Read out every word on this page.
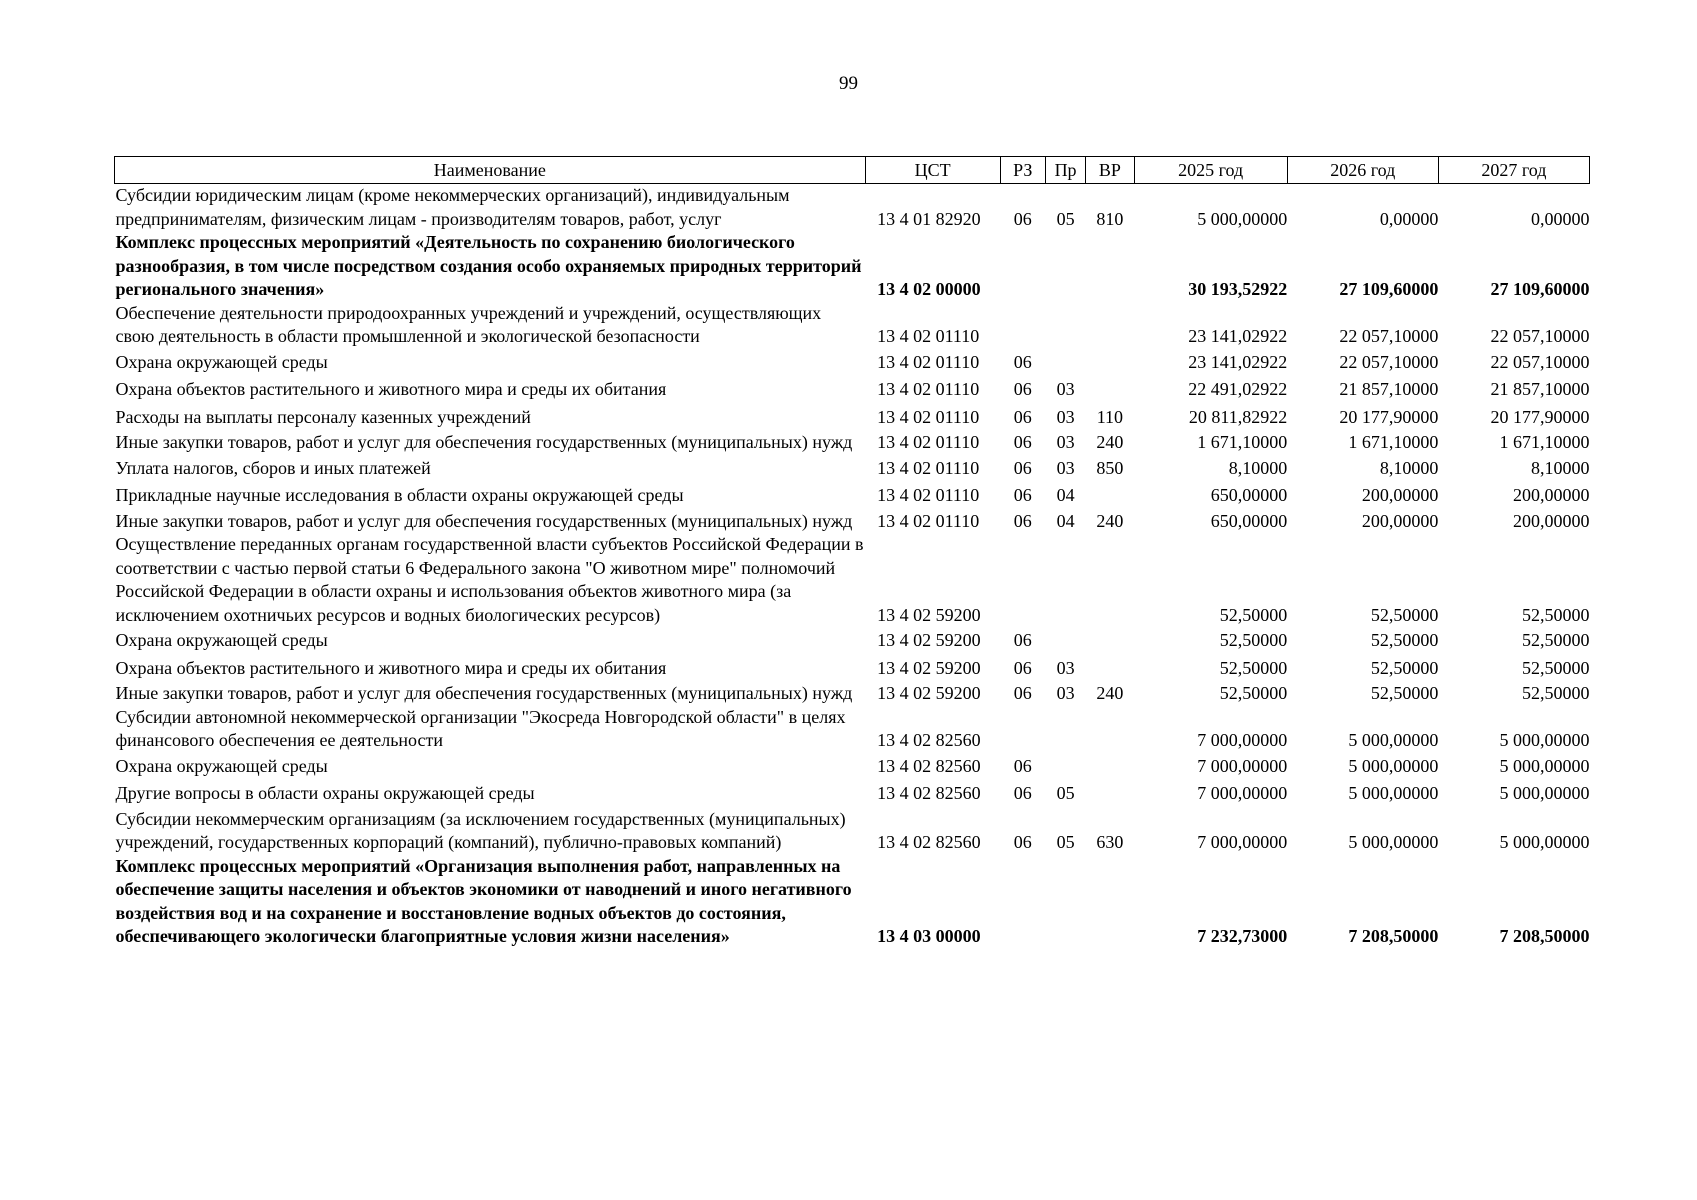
99
Наименование	ЦСТ	РЗ	Пр	ВР	2025 год	2026 год	2027 год
Субсидии юридическим лицам (кроме некоммерческих организаций), индивидуальным предпринимателям, физическим лицам - производителям товаров, работ, услуг	13 4 01 82920	06	05	810	5 000,00000	0,00000	0,00000
Комплекс процессных мероприятий «Деятельность по сохранению биологического разнообразия, в том числе посредством создания особо охраняемых природных территорий регионального значения»	13 4 02 00000				30 193,52922	27 109,60000	27 109,60000
Обеспечение деятельности природоохранных учреждений и учреждений, осуществляющих свою деятельность в области промышленной и экологической безопасности	13 4 02 01110				23 141,02922	22 057,10000	22 057,10000
Охрана окружающей среды	13 4 02 01110	06			23 141,02922	22 057,10000	22 057,10000
Охрана объектов растительного и животного мира и среды их обитания	13 4 02 01110	06	03		22 491,02922	21 857,10000	21 857,10000
Расходы на выплаты персоналу казенных учреждений	13 4 02 01110	06	03	110	20 811,82922	20 177,90000	20 177,90000
Иные закупки товаров, работ и услуг для обеспечения государственных (муниципальных) нужд	13 4 02 01110	06	03	240	1 671,10000	1 671,10000	1 671,10000
Уплата налогов, сборов и иных платежей	13 4 02 01110	06	03	850	8,10000	8,10000	8,10000
Прикладные научные исследования в области охраны окружающей среды	13 4 02 01110	06	04		650,00000	200,00000	200,00000
Иные закупки товаров, работ и услуг для обеспечения государственных (муниципальных) нужд	13 4 02 01110	06	04	240	650,00000	200,00000	200,00000
Осуществление переданных органам государственной власти субъектов Российской Федерации в соответствии с частью первой статьи 6 Федерального закона "О животном мире" полномочий Российской Федерации в области охраны и использования объектов животного мира (за исключением охотничьих ресурсов и водных биологических ресурсов)	13 4 02 59200				52,50000	52,50000	52,50000
Охрана окружающей среды	13 4 02 59200	06			52,50000	52,50000	52,50000
Охрана объектов растительного и животного мира и среды их обитания	13 4 02 59200	06	03		52,50000	52,50000	52,50000
Иные закупки товаров, работ и услуг для обеспечения государственных (муниципальных) нужд	13 4 02 59200	06	03	240	52,50000	52,50000	52,50000
Субсидии автономной некоммерческой организации "Экосреда Новгородской области" в целях финансового обеспечения ее деятельности	13 4 02 82560				7 000,00000	5 000,00000	5 000,00000
Охрана окружающей среды	13 4 02 82560	06			7 000,00000	5 000,00000	5 000,00000
Другие вопросы в области охраны окружающей среды	13 4 02 82560	06	05		7 000,00000	5 000,00000	5 000,00000
Субсидии некоммерческим организациям (за исключением государственных (муниципальных) учреждений, государственных корпораций (компаний), публично-правовых компаний)	13 4 02 82560	06	05	630	7 000,00000	5 000,00000	5 000,00000
Комплекс процессных мероприятий «Организация выполнения работ, направленных на обеспечение защиты населения и объектов экономики от наводнений и иного негативного воздействия вод и на сохранение и восстановление водных объектов до состояния, обеспечивающего экологически благоприятные условия жизни населения»	13 4 03 00000				7 232,73000	7 208,50000	7 208,50000
